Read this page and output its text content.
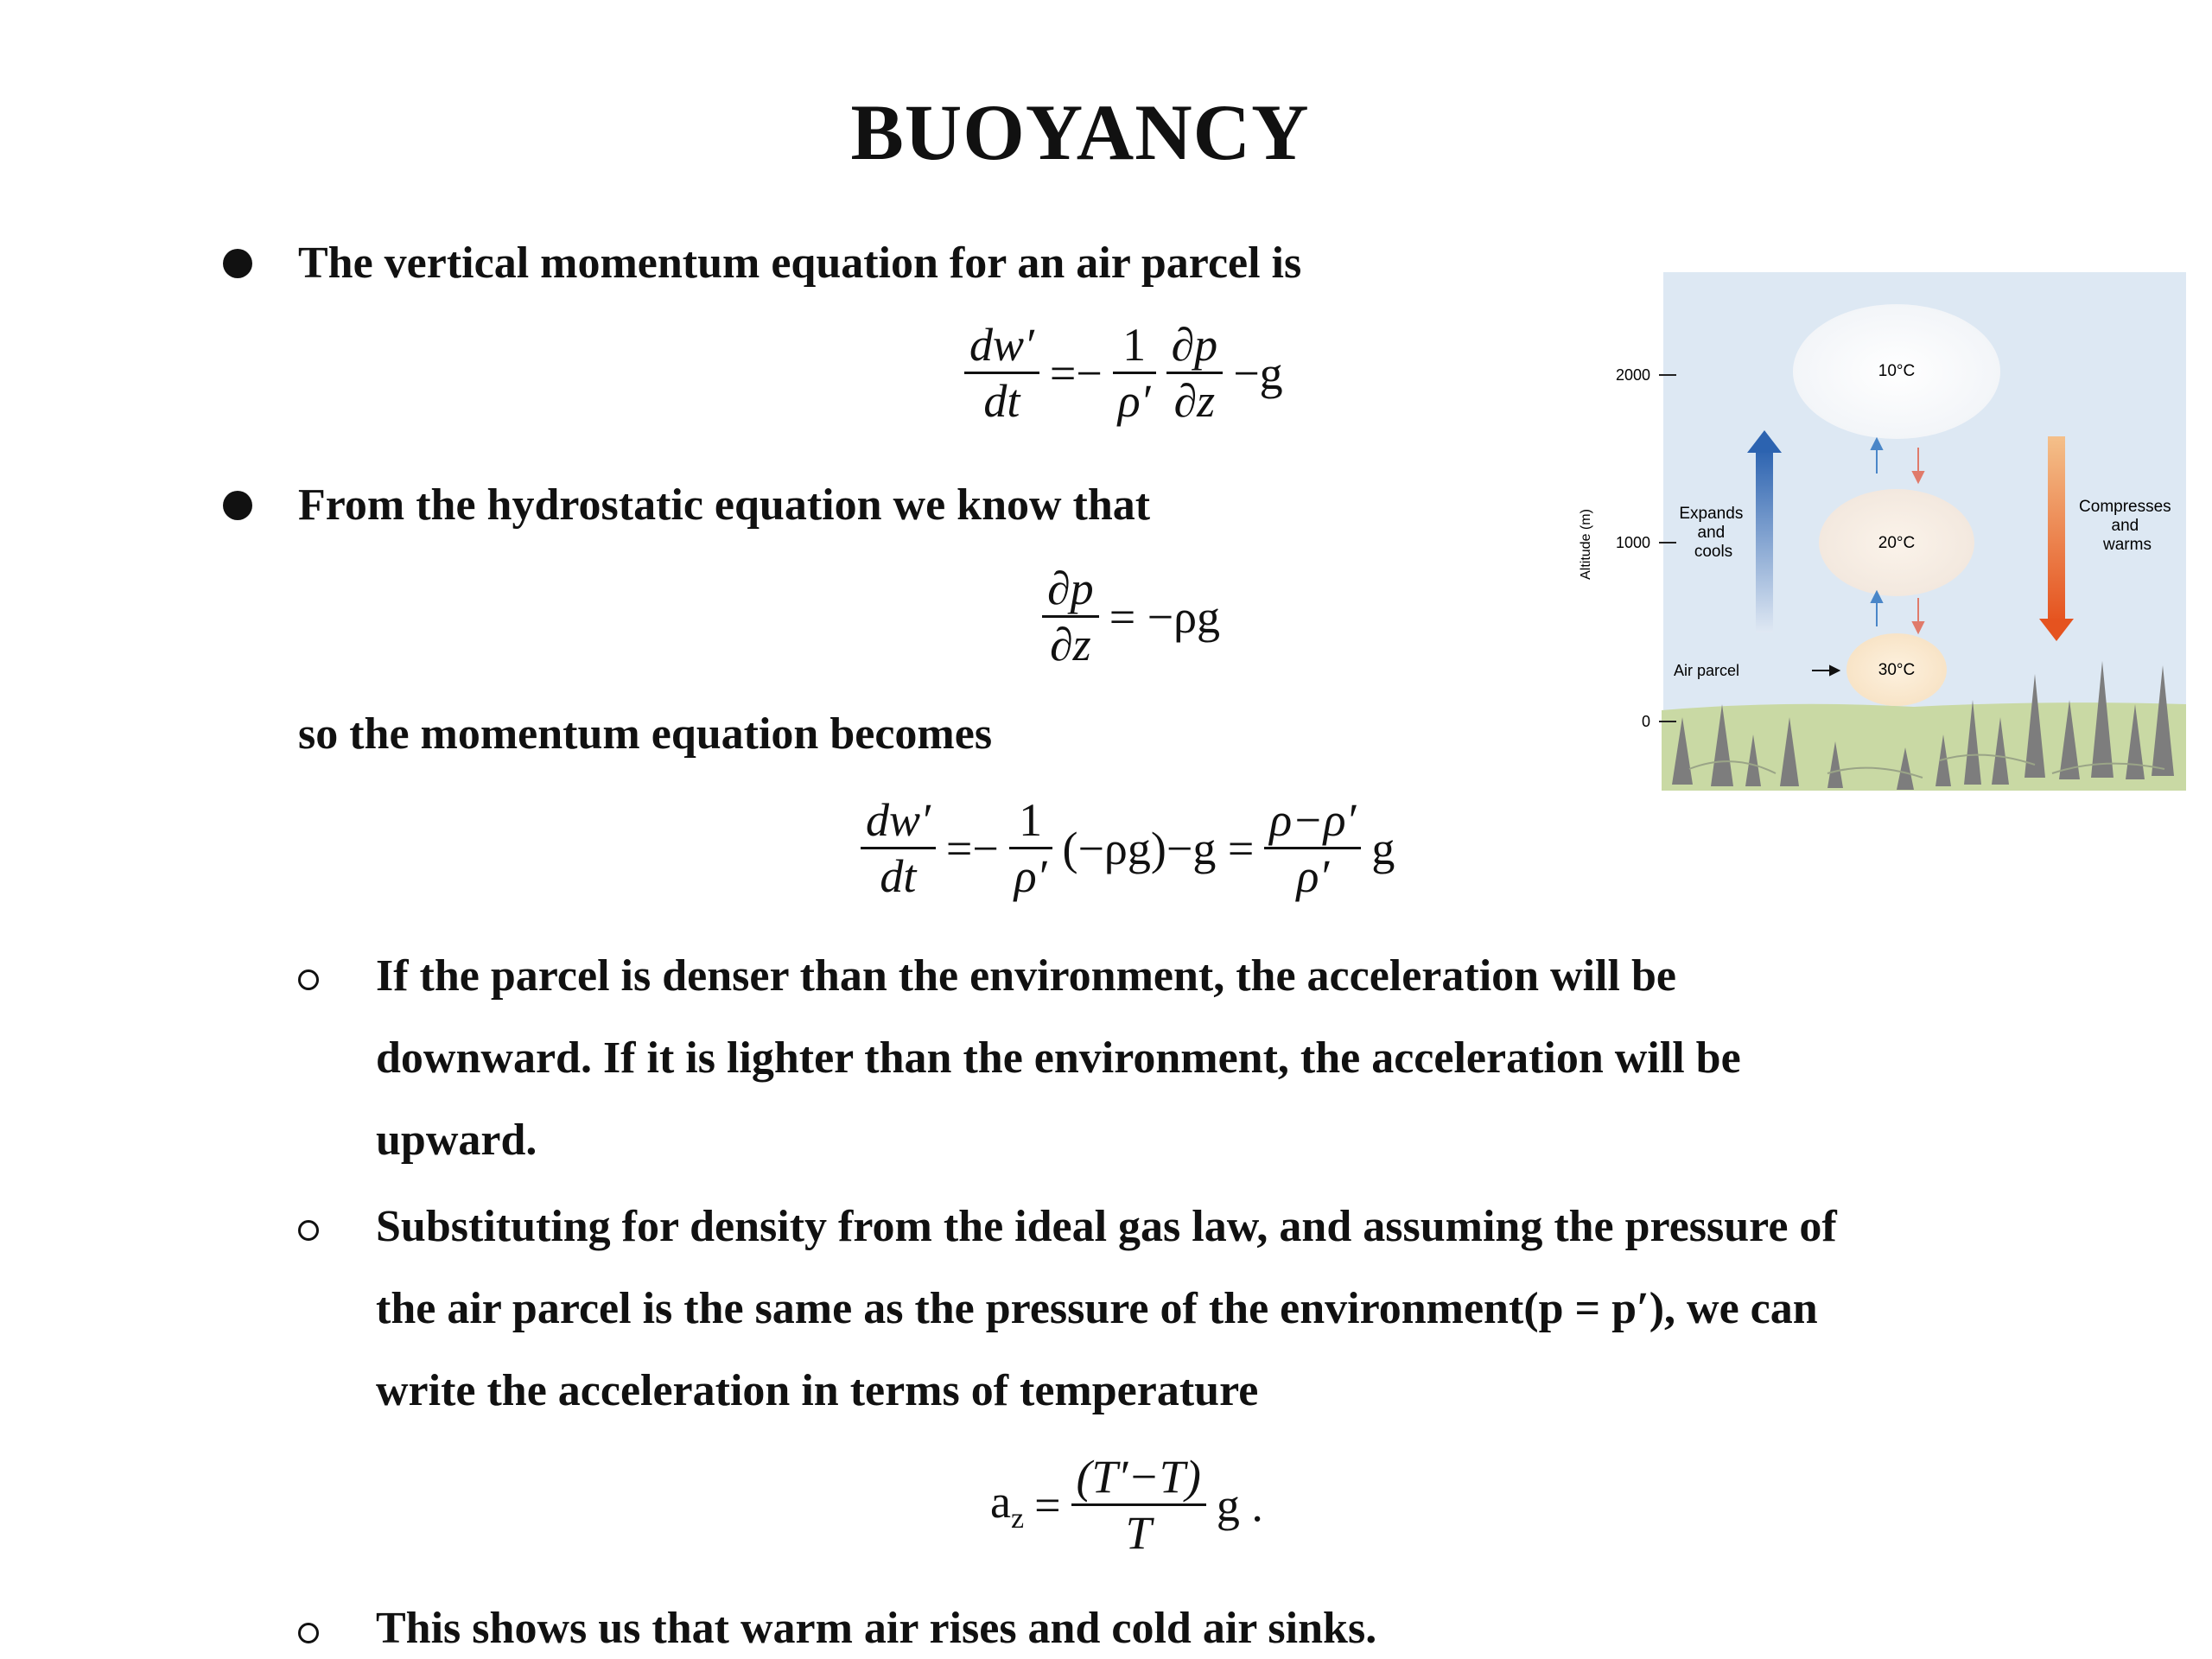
BUOYANCY
The vertical momentum equation for an air parcel is
$\frac{dw'}{dt} =- \frac{1}{\rho'} \frac{\partial p}{\partial z} -g$
From the hydrostatic equation we know that
$\frac{\partial p}{\partial z} = -\rho g$
so the momentum equation becomes
$\frac{dw'}{dt} =- \frac{1}{\rho'} (-\rho g)-g = \frac{\rho-\rho'}{\rho'}$ g
If the parcel is denser than the environment, the acceleration will be
downward. If it is lighter than the environment, the acceleration will be
upward.
Substituting for density from the ideal gas law, and assuming the pressure of
the air parcel is the same as the pressure of the environment(p = p′), we can
write the acceleration in terms of temperature
$a_z = \frac{(T'-T)}{T}$ g .
This shows us that warm air rises and cold air sinks.
Altitude (m)
2000
1000
0
10°C
20°C
30°C
Expands and cools
Compresses and warms
Air parcel
